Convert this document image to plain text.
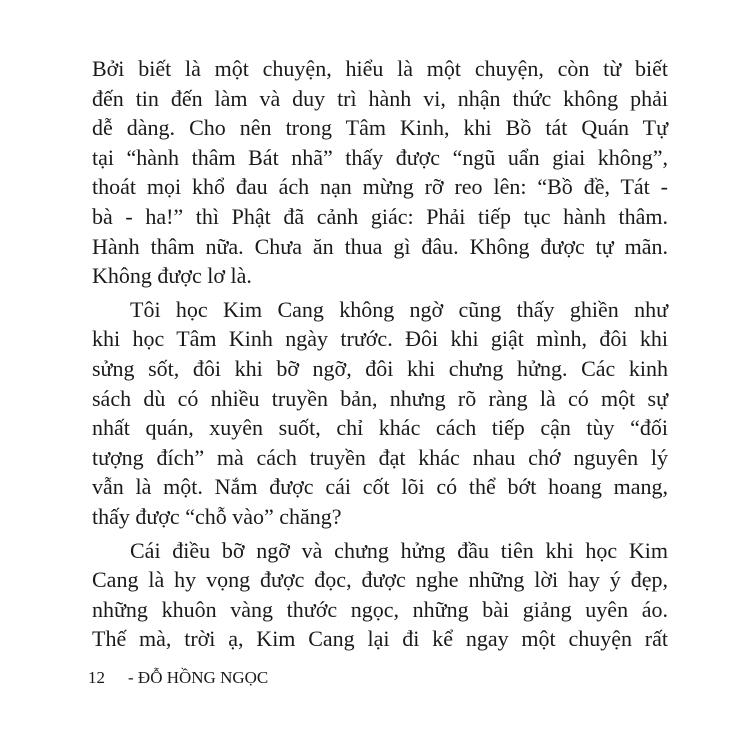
Bởi biết là một chuyện, hiểu là một chuyện, còn từ biết
đến tin đến làm và duy trì hành vi, nhận thức không phải
dễ dàng. Cho nên trong Tâm Kinh, khi Bồ tát Quán Tự
tại “hành thâm Bát nhã” thấy được “ngũ uẩn giai không”,
thoát mọi khổ đau ách nạn mừng rỡ reo lên: “Bồ đề, Tát -
bà - ha!” thì Phật đã cảnh giác: Phải tiếp tục hành thâm.
Hành thâm nữa. Chưa ăn thua gì đâu. Không được tự mãn.
Không được lơ là.
Tôi học Kim Cang không ngờ cũng thấy ghiền như
khi học Tâm Kinh ngày trước. Đôi khi giật mình, đôi khi
sửng sốt, đôi khi bỡ ngỡ, đôi khi chưng hửng. Các kinh
sách dù có nhiều truyền bản, nhưng rõ ràng là có một sự
nhất quán, xuyên suốt, chỉ khác cách tiếp cận tùy “đối
tượng đích” mà cách truyền đạt khác nhau chớ nguyên lý
vẫn là một. Nắm được cái cốt lõi có thể bớt hoang mang,
thấy được “chỗ vào” chăng?
Cái điều bỡ ngỡ và chưng hửng đầu tiên khi học Kim
Cang là hy vọng được đọc, được nghe những lời hay ý đẹp,
những khuôn vàng thước ngọc, những bài giảng uyên áo.
Thế mà, trời ạ, Kim Cang lại đi kể ngay một chuyện rất
12 - ĐỖ HỒNG NGỌC
